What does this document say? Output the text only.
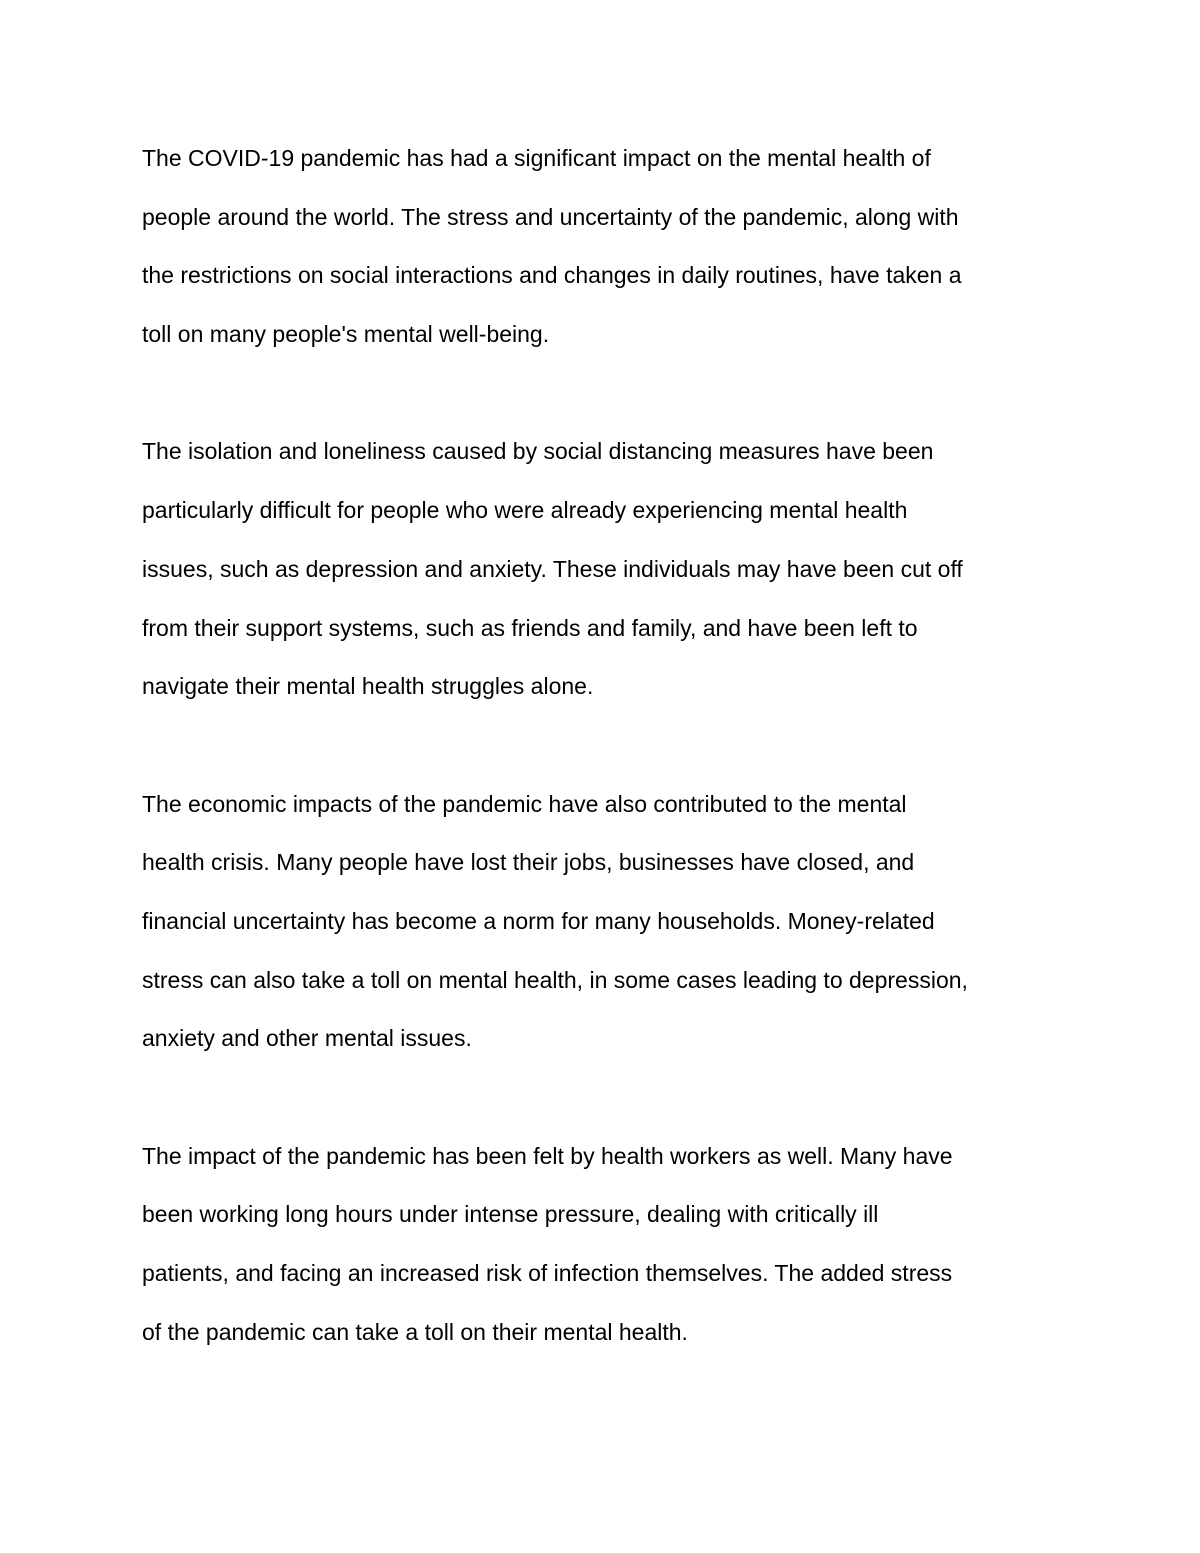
The COVID-19 pandemic has had a significant impact on the mental health of
people around the world. The stress and uncertainty of the pandemic, along with
the restrictions on social interactions and changes in daily routines, have taken a
toll on many people's mental well-being.
The isolation and loneliness caused by social distancing measures have been
particularly difficult for people who were already experiencing mental health
issues, such as depression and anxiety. These individuals may have been cut off
from their support systems, such as friends and family, and have been left to
navigate their mental health struggles alone.
The economic impacts of the pandemic have also contributed to the mental
health crisis. Many people have lost their jobs, businesses have closed, and
financial uncertainty has become a norm for many households. Money-related
stress can also take a toll on mental health, in some cases leading to depression,
anxiety and other mental issues.
The impact of the pandemic has been felt by health workers as well. Many have
been working long hours under intense pressure, dealing with critically ill
patients, and facing an increased risk of infection themselves. The added stress
of the pandemic can take a toll on their mental health.
